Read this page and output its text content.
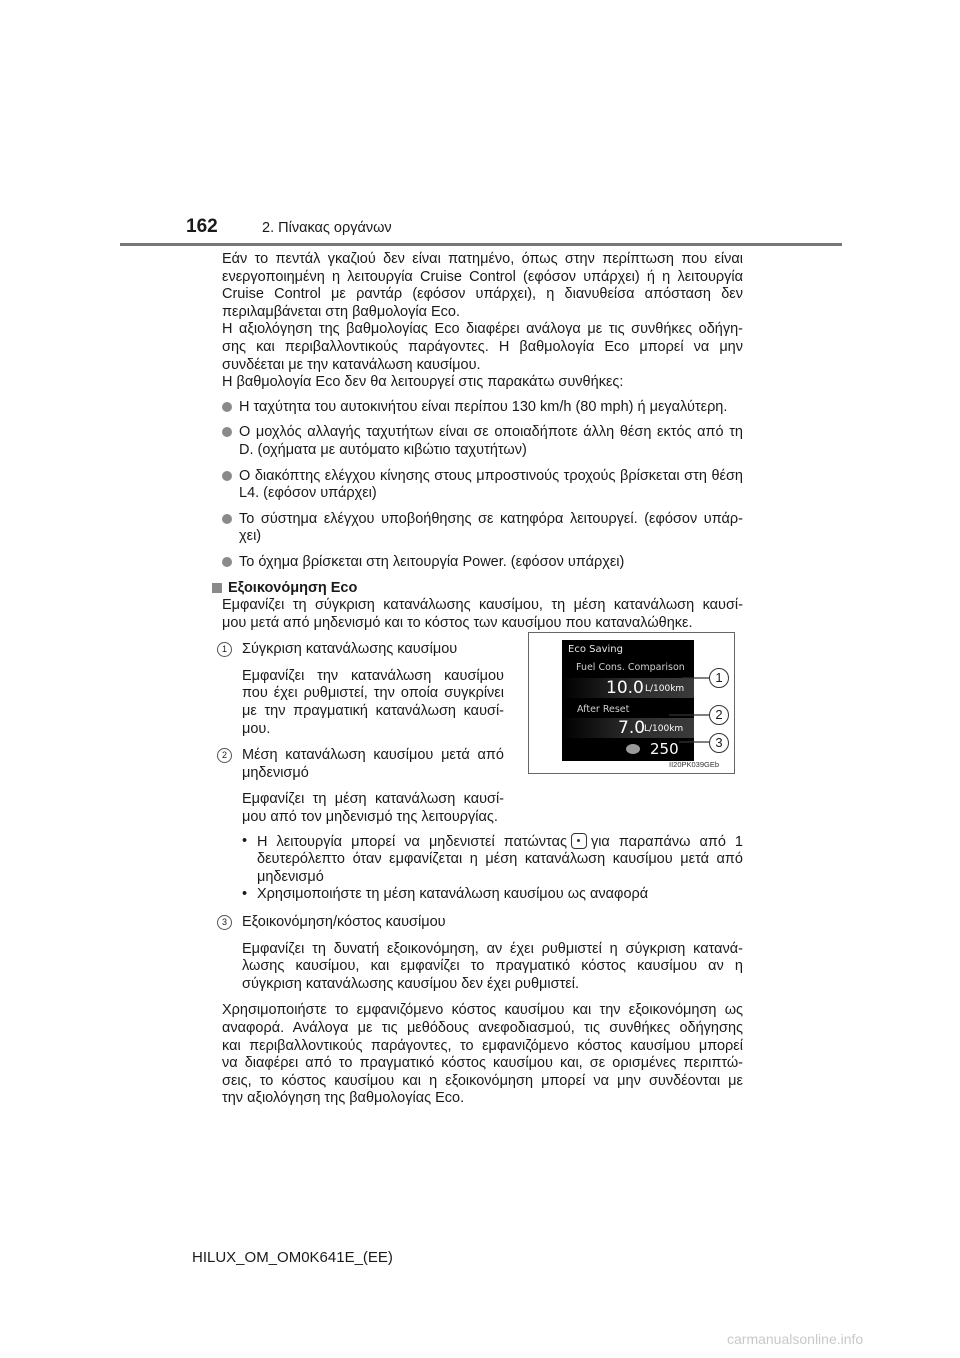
162	2. Πίνακας οργάνων

Εάν το πεντάλ γκαζιού δεν είναι πατημένο, όπως στην περίπτωση που είναι

ενεργοποιημένη η λειτουργία Cruise Control (εφόσον υπάρχει) ή η λειτουργία

Cruise Control με ραντάρ (εφόσον υπάρχει), η διανυθείσα απόσταση δεν

περιλαμβάνεται στη βαθμολογία Eco.

Η αξιολόγηση της βαθμολογίας Eco διαφέρει ανάλογα με τις συνθήκες οδήγη-

σης και περιβαλλοντικούς παράγοντες. Η βαθμολογία Eco μπορεί να μην

συνδέεται με την κατανάλωση καυσίμου.

Η βαθμολογία Eco δεν θα λειτουργεί στις παρακάτω συνθήκες:

Η ταχύτητα του αυτοκινήτου είναι περίπου 130 km/h (80 mph) ή μεγαλύτερη.
Ο μοχλός αλλαγής ταχυτήτων είναι σε οποιαδήποτε άλλη θέση εκτός από τη D. (οχήματα με αυτόματο κιβώτιο ταχυτήτων)
Ο διακόπτης ελέγχου κίνησης στους μπροστινούς τροχούς βρίσκεται στη θέση L4. (εφόσον υπάρχει)
Το σύστημα ελέγχου υποβοήθησης σε κατηφόρα λειτουργεί. (εφόσον υπάρ- χει)
Το όχημα βρίσκεται στη λειτουργία Power. (εφόσον υπάρχει)
Εξοικονόμηση Eco

Εμφανίζει τη σύγκριση κατανάλωσης καυσίμου, τη μέση κατανάλωση καυσί-

μου μετά από μηδενισμό και το κόστος των καυσίμου που καταναλώθηκε.

1	Σύγκριση κατανάλωσης καυσίμου

Εμφανίζει την κατανάλωση καυσίμου

που έχει ρυθμιστεί, την οποία συγκρίνει

με την πραγματική κατανάλωση καυσί-

μου.

2	Μέση κατανάλωση καυσίμου μετά από

μηδενισμό

Εμφανίζει τη μέση κατανάλωση καυσί-

μου από τον μηδενισμό της λειτουργίας.

• Η λειτουργία μπορεί να μηδενιστεί πατώντας για παραπάνω από 1 δευτερόλεπτο όταν εμφανίζεται η μέση κατανάλωση καυσίμου μετά από μηδενισμό
• Χρησιμοποιήστε τη μέση κατανάλωση καυσίμου ως αναφορά
3	Εξοικονόμηση/κόστος καυσίμου

Εμφανίζει τη δυνατή εξοικονόμηση, αν έχει ρυθμιστεί η σύγκριση κατανά-

λωσης καυσίμου, και εμφανίζει το πραγματικό κόστος καυσίμου αν η

σύγκριση κατανάλωσης καυσίμου δεν έχει ρυθμιστεί.

Χρησιμοποιήστε το εμφανιζόμενο κόστος καυσίμου και την εξοικονόμηση ως

αναφορά. Ανάλογα με τις μεθόδους ανεφοδιασμού, τις συνθήκες οδήγησης

και περιβαλλοντικούς παράγοντες, το εμφανιζόμενο κόστος καυσίμου μπορεί

να διαφέρει από το πραγματικό κόστος καυσίμου και, σε ορισμένες περιπτώ-

σεις, το κόστος καυσίμου και η εξοικονόμηση μπορεί να μην συνδέονται με

την αξιολόγηση της βαθμολογίας Eco.

Eco Saving
Fuel Cons. Comparison
10.0 L/100km
After Reset
7.0
L/100km
250
1
2
3
II20PK039GEb
HILUX_OM_OM0K641E_(EE)
carmanualsonline.info
